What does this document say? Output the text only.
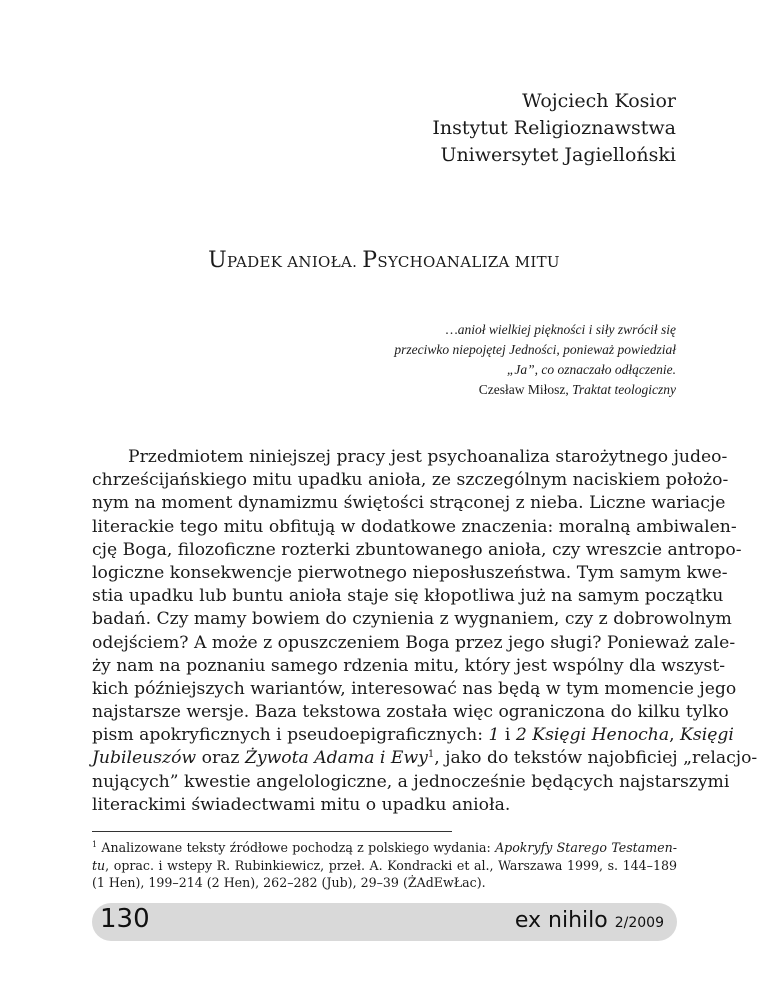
Wojciech Kosior
Instytut Religioznawstwa
Uniwersytet Jagielloński
UPADEK ANIOŁA. PSYCHOANALIZA MITU
…anioł wielkiej piękności i siły zwrócił się
przeciwko niepojętej Jedności, ponieważ powiedział
„Ja”, co oznaczało odłączenie.
Czesław Miłosz, Traktat teologiczny
Przedmiotem niniejszej pracy jest psychoanaliza starożytnego judeo-
chrześcijańskiego mitu upadku anioła, ze szczególnym naciskiem położo-
nym na moment dynamizmu świętości strąconej z nieba. Liczne wariacje
literackie tego mitu obfitują w dodatkowe znaczenia: moralną ambiwalen-
cję Boga, filozoficzne rozterki zbuntowanego anioła, czy wreszcie antropo-
logiczne konsekwencje pierwotnego nieposłuszeństwa. Tym samym kwe-
stia upadku lub buntu anioła staje się kłopotliwa już na samym początku
badań. Czy mamy bowiem do czynienia z wygnaniem, czy z dobrowolnym
odejściem? A może z opuszczeniem Boga przez jego sługi? Ponieważ zale-
ży nam na poznaniu samego rdzenia mitu, który jest wspólny dla wszyst-
kich późniejszych wariantów, interesować nas będą w tym momencie jego
najstarsze wersje. Baza tekstowa została więc ograniczona do kilku tylko
pism apokryficznych i pseudoepigraficznych: 1 i 2 Księgi Henocha, Księgi
Jubileuszów oraz Żywota Adama i Ewy$^1$, jako do tekstów najobficiej „relacjo-
nujących” kwestie angelologiczne, a jednocześnie będących najstarszymi
literackimi świadectwami mitu o upadku anioła.
$^1$ Analizowane teksty źródłowe pochodzą z polskiego wydania: Apokryfy Starego Testamen-
tu, oprac. i wstepy R. Rubinkiewicz, przeł. A. Kondracki et al., Warszawa 1999, s. 144–189
(1 Hen), 199–214 (2 Hen), 262–282 (Jub), 29–39 (ŻAdEwŁac).
130	ex nihilo 2/2009
